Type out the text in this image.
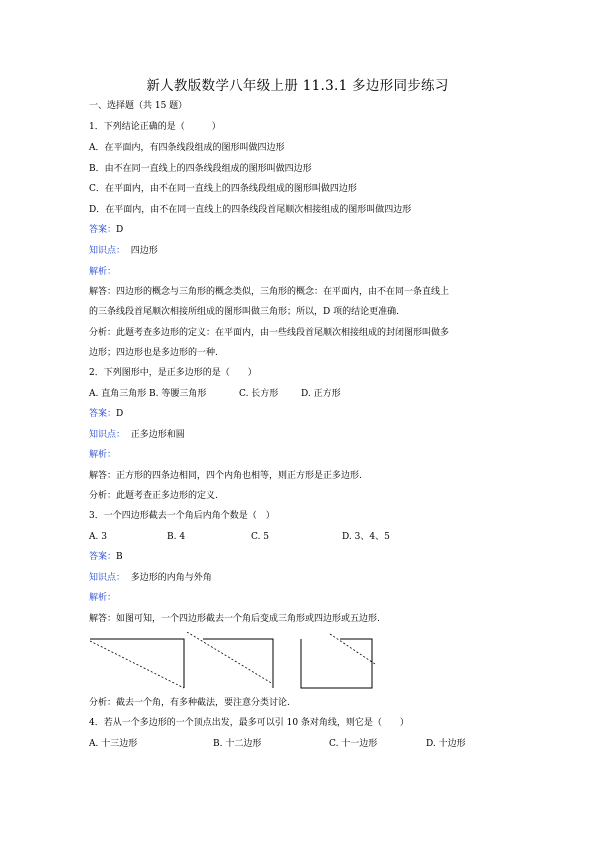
新人教版数学八年级上册 11.3.1 多边形同步练习
一、选择题（共 15 题）
1．下列结论正确的是（　　　）
A．在平面内，有四条线段组成的图形叫做四边形
B．由不在同一直线上的四条线段组成的图形叫做四边形
C．在平面内，由不在同一直线上的四条线段组成的图形叫做四边形
D．在平面内，由不在同一直线上的四条线段首尾顺次相接组成的图形叫做四边形
答案：D
知识点： 四边形
解析：
解答：四边形的概念与三角形的概念类似，三角形的概念：在平面内，由不在同一条直线上
的三条线段首尾顺次相接所组成的图形叫做三角形；所以，D 项的结论更准确.
分析：此题考查多边形的定义：在平面内，由一些线段首尾顺次相接组成的封闭图形叫做多
边形；四边形也是多边形的一种.
2．下列图形中，是正多边形的是（　　）
A. 直角三角形 B. 等腰三角形	C. 长方形	D. 正方形
答案：D
知识点： 正多边形和圆
解析：
解答：正方形的四条边相同，四个内角也相等，则正方形是正多边形.
分析：此题考查正多边形的定义.
3．一个四边形截去一个角后内角个数是（　）
A. 3	B. 4	C. 5	D. 3、4、5
答案：B
知识点： 多边形的内角与外角
解析：
解答：如图可知，一个四边形截去一个角后变成三角形或四边形或五边形.
分析：截去一个角，有多种截法，要注意分类讨论.
4．若从一个多边形的一个顶点出发，最多可以引 10 条对角线，则它是（　　）
A. 十三边形	B. 十二边形	C. 十一边形	D. 十边形
